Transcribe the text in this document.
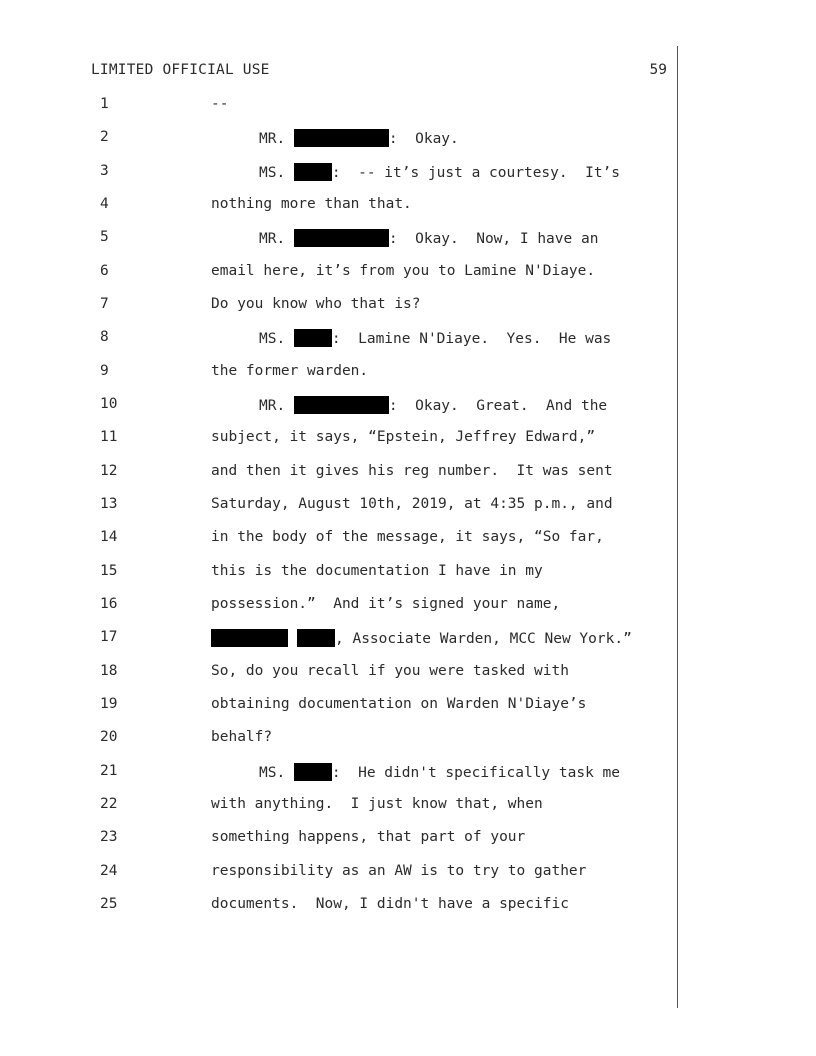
LIMITED OFFICIAL USE	59
1	--
2	MR.	:  Okay.
3	MS.	:  -- it’s just a courtesy.  It’s
4	nothing more than that.
5	MR.	:  Okay.  Now, I have an
6	email here, it’s from you to Lamine N'Diaye.
7	Do you know who that is?
8	MS.	:  Lamine N'Diaye.  Yes.  He was
9	the former warden.
10	MR.	:  Okay.  Great.  And the
11	subject, it says, “Epstein, Jeffrey Edward,”
12	and then it gives his reg number.  It was sent
13	Saturday, August 10th, 2019, at 4:35 p.m., and
14	in the body of the message, it says, “So far,
15	this is the documentation I have in my
16	possession.”  And it’s signed your name,
17	, Associate Warden, MCC New York.”
18	So, do you recall if you were tasked with
19	obtaining documentation on Warden N'Diaye’s
20	behalf?
21	MS.	:  He didn't specifically task me
22	with anything.  I just know that, when
23	something happens, that part of your
24	responsibility as an AW is to try to gather
25	documents.  Now, I didn't have a specific
